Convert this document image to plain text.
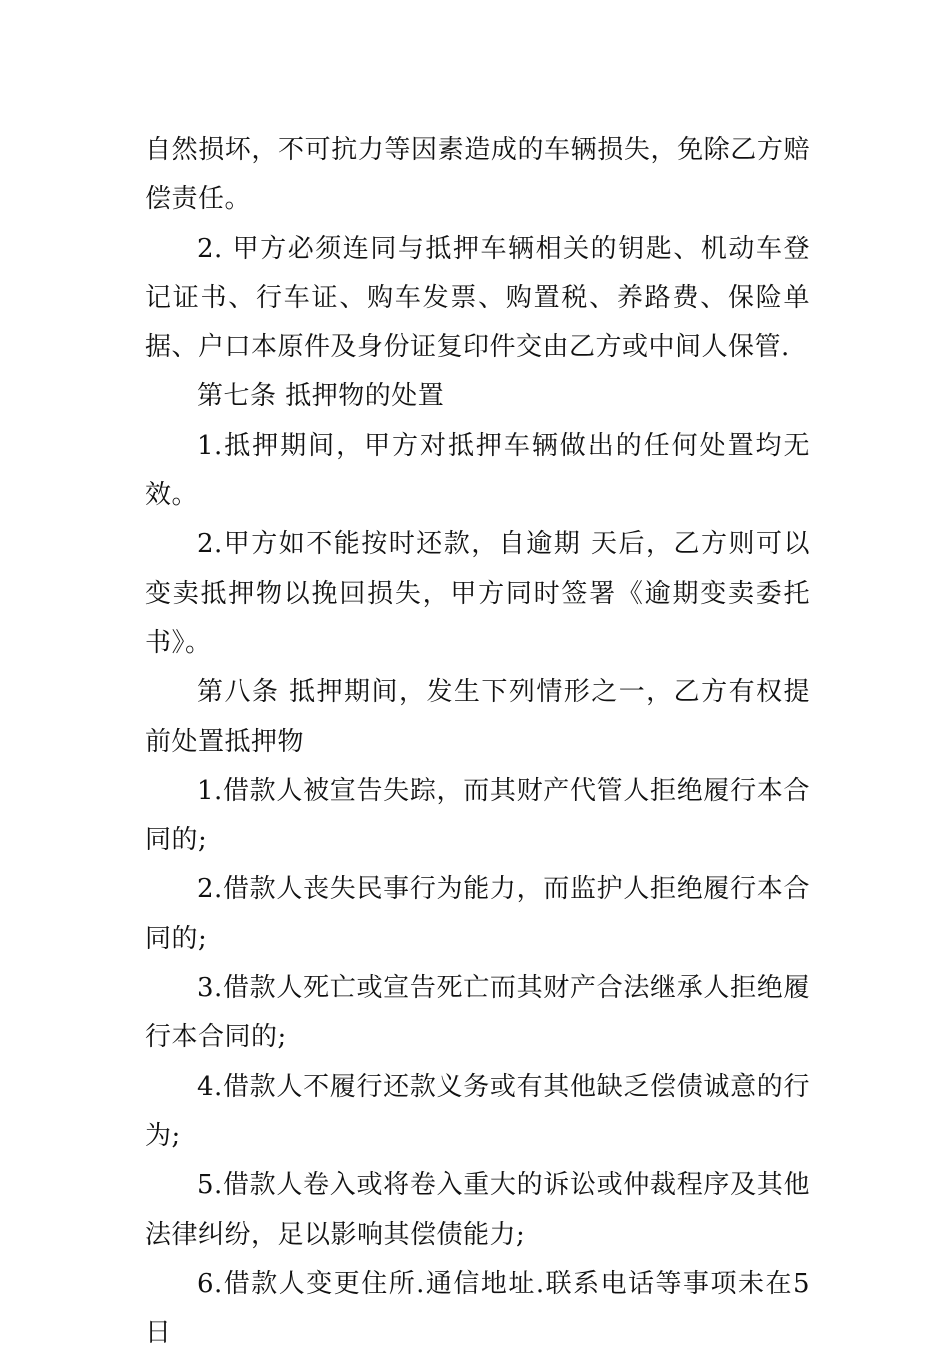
自然损坏，不可抗力等因素造成的车辆损失，免除乙方赔偿责任。

2. 甲方必须连同与抵押车辆相关的钥匙、机动车登记证书、行车证、购车发票、购置税、养路费、保险单据、户口本原件及身份证复印件交由乙方或中间人保管.

第七条 抵押物的处置

1.抵押期间，甲方对抵押车辆做出的任何处置均无效。

2.甲方如不能按时还款，自逾期 天后，乙方则可以变卖抵押物以挽回损失，甲方同时签署《逾期变卖委托书》。

第八条 抵押期间，发生下列情形之一，乙方有权提前处置抵押物

1.借款人被宣告失踪，而其财产代管人拒绝履行本合同的;

2.借款人丧失民事行为能力，而监护人拒绝履行本合同的;

3.借款人死亡或宣告死亡而其财产合法继承人拒绝履行本合同的;

4.借款人不履行还款义务或有其他缺乏偿债诚意的行为;

5.借款人卷入或将卷入重大的诉讼或仲裁程序及其他法律纠纷，足以影响其偿债能力;

6.借款人变更住所.通信地址.联系电话等事项未在5日
